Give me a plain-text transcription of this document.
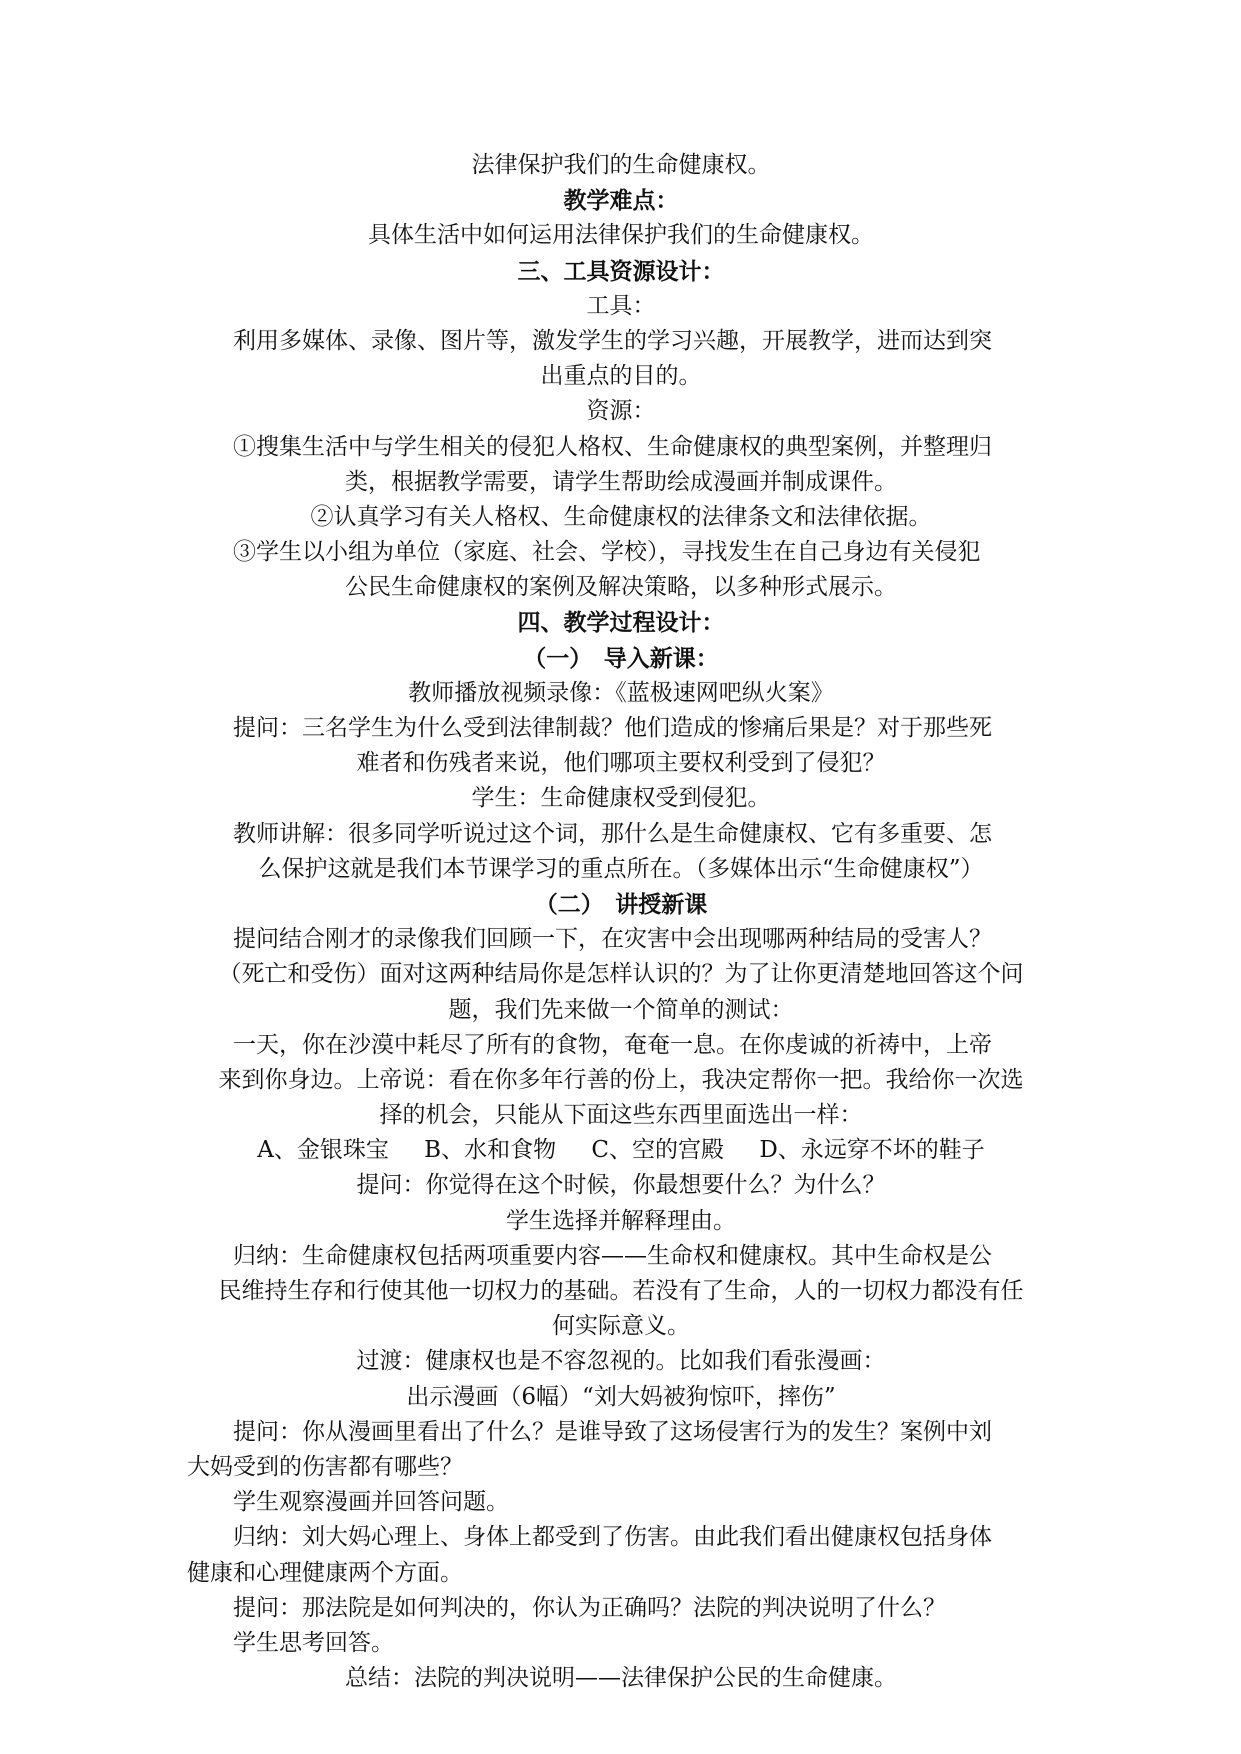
法律保护我们的生命健康权。
教学难点：
具体生活中如何运用法律保护我们的生命健康权。
三、工具资源设计：
工具：
利用多媒体、录像、图片等，激发学生的学习兴趣，开展教学，进而达到突
出重点的目的。
资源：
①搜集生活中与学生相关的侵犯人格权、生命健康权的典型案例，并整理归
类，根据教学需要，请学生帮助绘成漫画并制成课件。
②认真学习有关人格权、生命健康权的法律条文和法律依据。
③学生以小组为单位（家庭、社会、学校），寻找发生在自己身边有关侵犯
公民生命健康权的案例及解决策略，以多种形式展示。
四、教学过程设计：
（一）　导入新课：
教师播放视频录像：《蓝极速网吧纵火案》
提问：三名学生为什么受到法律制裁？他们造成的惨痛后果是？对于那些死
难者和伤残者来说，他们哪项主要权利受到了侵犯？
学生：生命健康权受到侵犯。
教师讲解：很多同学听说过这个词，那什么是生命健康权、它有多重要、怎
么保护这就是我们本节课学习的重点所在。（多媒体出示“生命健康权”）
（二）　讲授新课
提问结合刚才的录像我们回顾一下，在灾害中会出现哪两种结局的受害人？
（死亡和受伤）面对这两种结局你是怎样认识的？为了让你更清楚地回答这个问
题，我们先来做一个简单的测试：
一天，你在沙漠中耗尽了所有的食物，奄奄一息。在你虔诚的祈祷中，上帝
来到你身边。上帝说：看在你多年行善的份上，我决定帮你一把。我给你一次选
择的机会，只能从下面这些东西里面选出一样：
A、金银珠宝 B、水和食物 C、空的宫殿 D、永远穿不坏的鞋子
提问：你觉得在这个时候，你最想要什么？为什么？
学生选择并解释理由。
归纳：生命健康权包括两项重要内容——生命权和健康权。其中生命权是公
民维持生存和行使其他一切权力的基础。若没有了生命，人的一切权力都没有任
何实际意义。
过渡：健康权也是不容忽视的。比如我们看张漫画：
出示漫画（6幅）“刘大妈被狗惊吓，摔伤”
提问：你从漫画里看出了什么？是谁导致了这场侵害行为的发生？案例中刘
大妈受到的伤害都有哪些？
学生观察漫画并回答问题。
归纳：刘大妈心理上、身体上都受到了伤害。由此我们看出健康权包括身体
健康和心理健康两个方面。
提问：那法院是如何判决的，你认为正确吗？法院的判决说明了什么？
学生思考回答。
总结：法院的判决说明——法律保护公民的生命健康。
